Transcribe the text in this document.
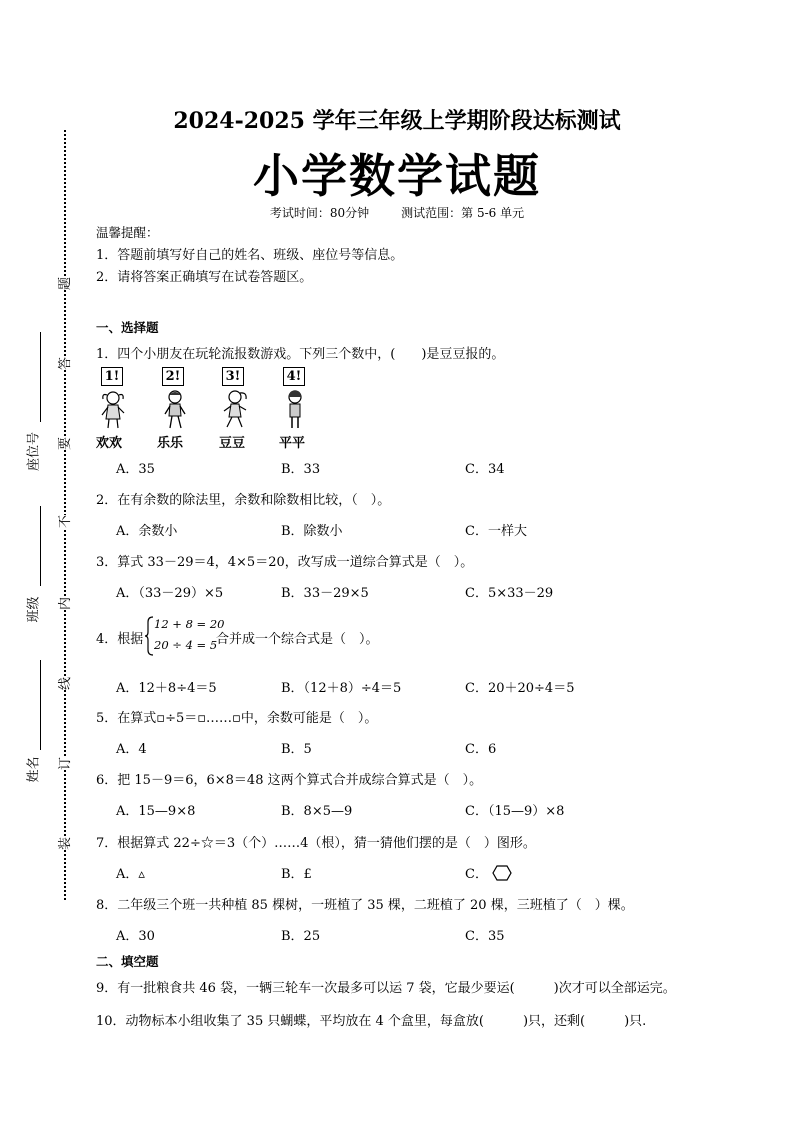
题
答
要
不
内
线
订
装
座位号
班级
姓名
2024-2025 学年三年级上学期阶段达标测试
小学数学试题
考试时间：80分钟	测试范围：第 5-6 单元
温馨提醒：
1．答题前填写好自己的姓名、班级、座位号等信息。
2．请将答案正确填写在试卷答题区。
一、选择题
1．四个小朋友在玩轮流报数游戏。下列三个数中，(　　)是豆豆报的。
1!	2!	3!	4!
欢欢	乐乐	豆豆	平平
A．35	B．33	C．34
2．在有余数的除法里，余数和除数相比较，（　）。
A．余数小	B．除数小	C．一样大
3．算式 33－29＝4，4×5＝20，改写成一道综合算式是（　）。
A．（33－29）×5	B．33－29×5	C．5×33－29
4．根据
12 + 8 = 20
20 ÷ 4 = 5
合并成一个综合式是（　）。
A．12＋8÷4＝5	B．（12＋8）÷4＝5	C．20＋20÷4＝5
5．在算式▫÷5＝▫……▫中，余数可能是（　）。
A．4	B．5	C．6
6．把 15－9＝6，6×8＝48 这两个算式合并成综合算式是（　）。
A．15—9×8	B．8×5—9	C．（15—9）×8
7．根据算式 22÷☆＝3（个）……4（根），猜一猜他们摆的是（　）图形。
A．▵	B．£	C．
8．二年级三个班一共种植 85 棵树，一班植了 35 棵，二班植了 20 棵，三班植了（　）棵。
A．30	B．25	C．35
二、填空题
9．有一批粮食共 46 袋，一辆三轮车一次最多可以运 7 袋，它最少要运(　　　)次才可以全部运完。
10．动物标本小组收集了 35 只蝴蝶，平均放在 4 个盒里，每盒放(　　　)只，还剩(　　　)只.
